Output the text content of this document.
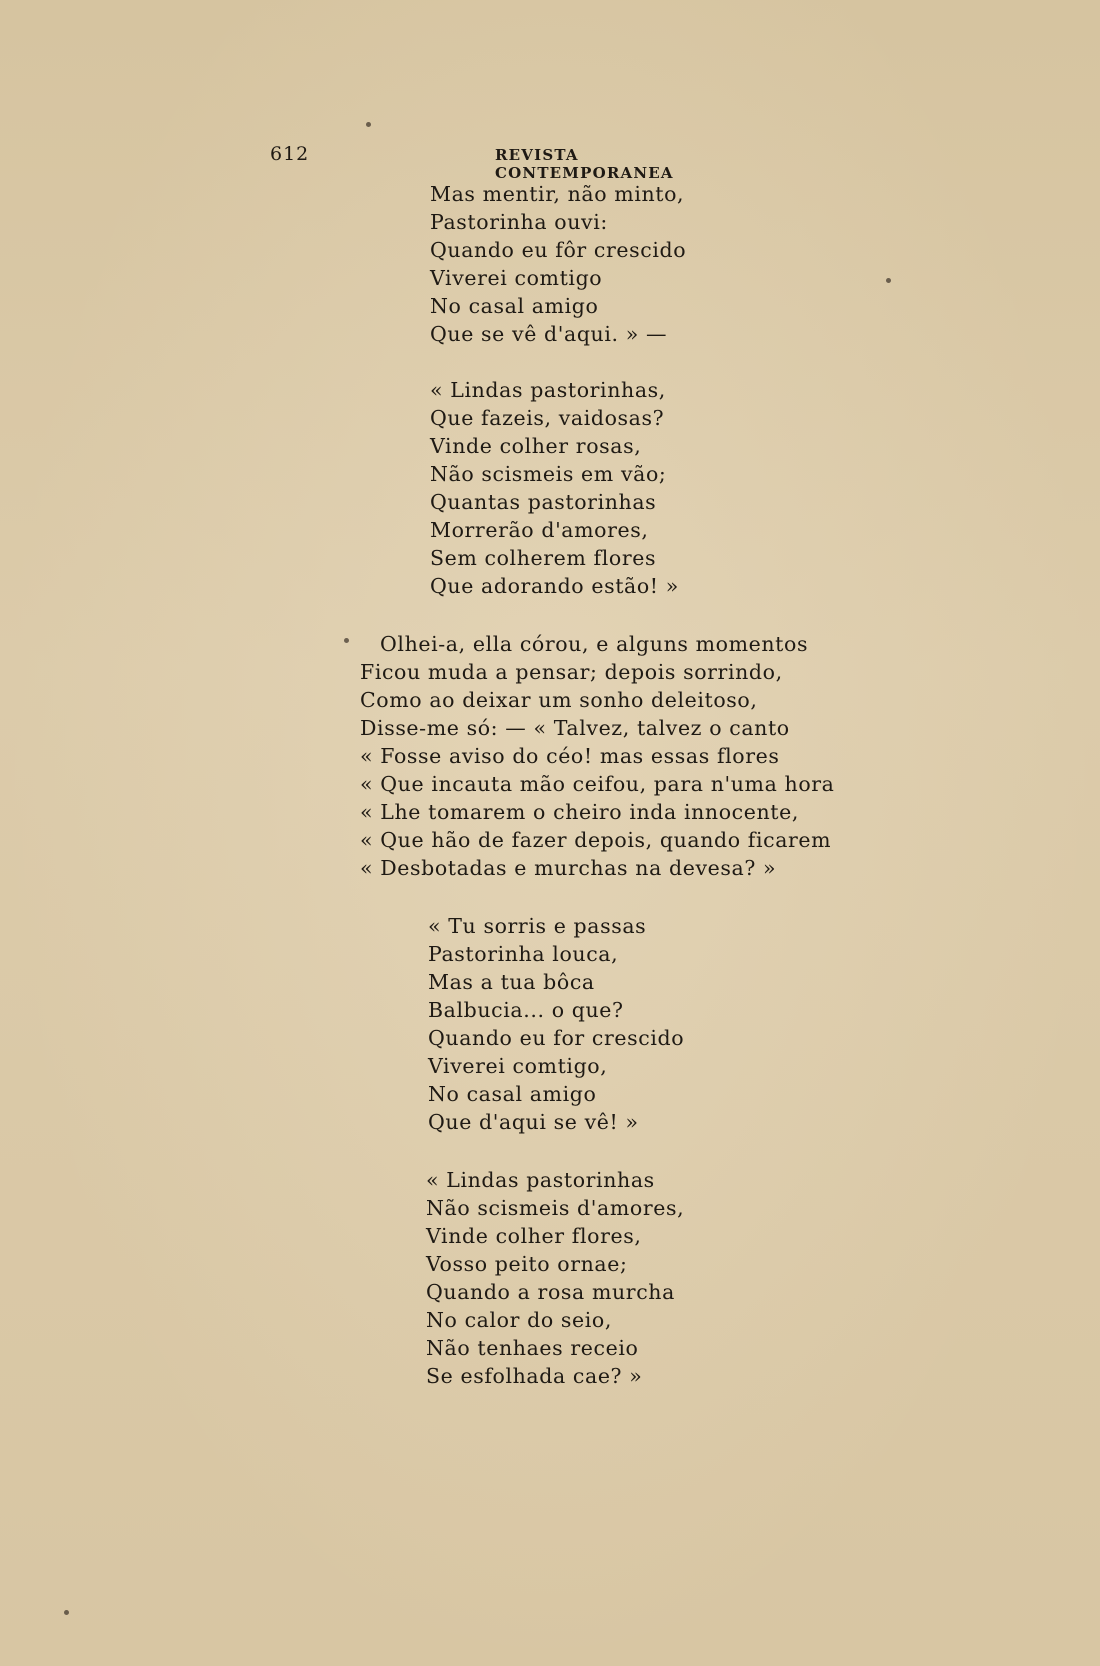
612	REVISTA CONTEMPORANEA
Mas mentir, não minto,
Pastorinha ouvi:
Quando eu fôr crescido
Viverei comtigo
No casal amigo
Que se vê d'aqui. » —
« Lindas pastorinhas,
Que fazeis, vaidosas?
Vinde colher rosas,
Não scismeis em vão;
Quantas pastorinhas
Morrerão d'amores,
Sem colherem flores
Que adorando estão! »
Olhei-a, ella córou, e alguns momentos
Ficou muda a pensar; depois sorrindo,
Como ao deixar um sonho deleitoso,
Disse-me só: — « Talvez, talvez o canto
« Fosse aviso do céo! mas essas flores
« Que incauta mão ceifou, para n'uma hora
« Lhe tomarem o cheiro inda innocente,
« Que hão de fazer depois, quando ficarem
« Desbotadas e murchas na devesa? »
« Tu sorris e passas
Pastorinha louca,
Mas a tua bôca
Balbucia... o que?
Quando eu for crescido
Viverei comtigo,
No casal amigo
Que d'aqui se vê! »
« Lindas pastorinhas
Não scismeis d'amores,
Vinde colher flores,
Vosso peito ornae;
Quando a rosa murcha
No calor do seio,
Não tenhaes receio
Se esfolhada cae? »
